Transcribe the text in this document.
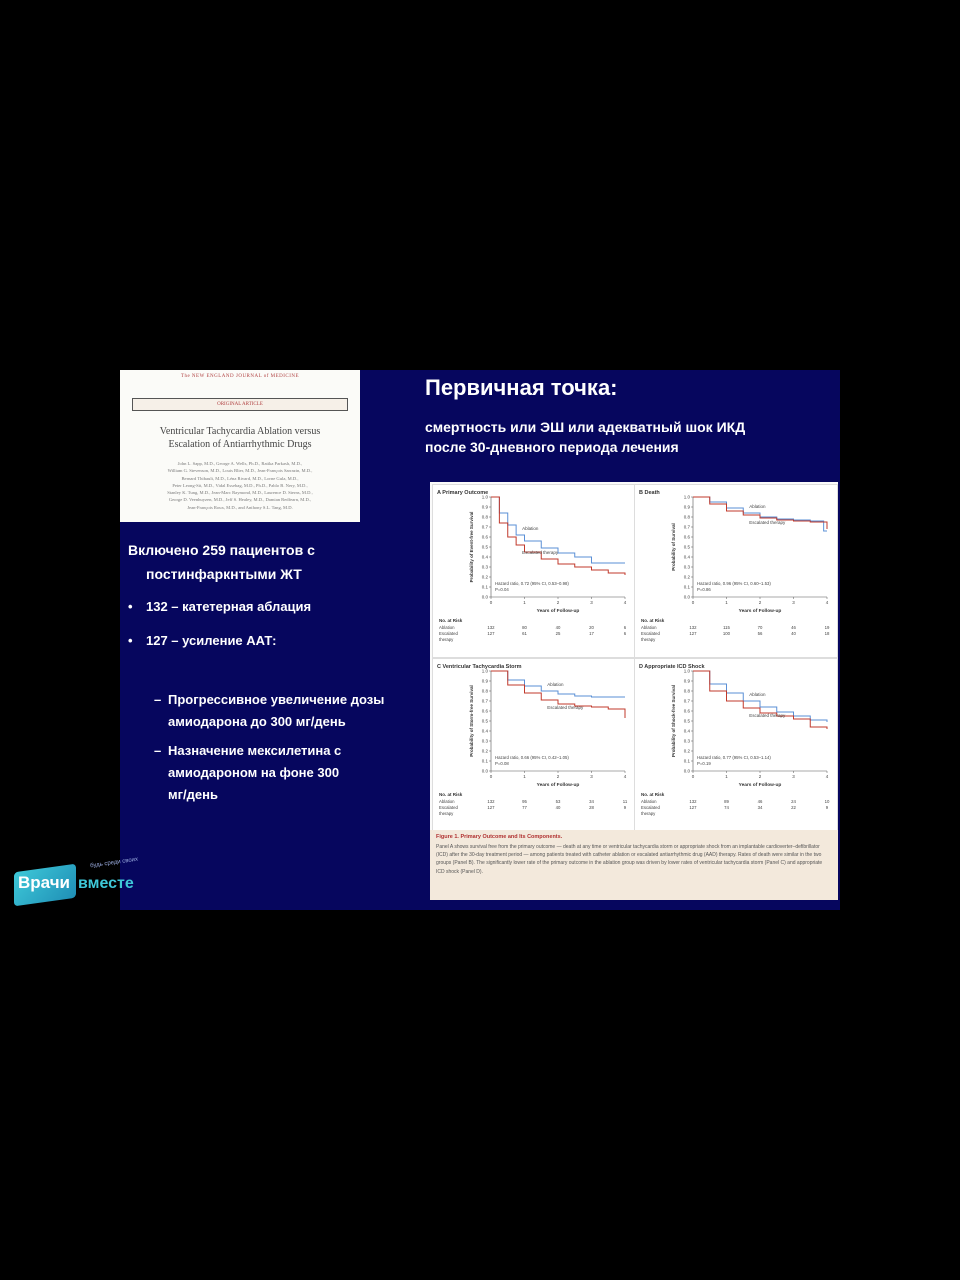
The NEW ENGLAND JOURNAL of MEDICINE
ORIGINAL ARTICLE
Ventricular Tachycardia Ablation versus
Escalation of Antiarrhythmic Drugs
John L. Sapp, M.D., George A. Wells, Ph.D., Ratika Parkash, M.D.,
William G. Stevenson, M.D., Louis Blier, M.D., Jean-François Sarrazin, M.D.,
Bernard Thibault, M.D., Léna Rivard, M.D., Lorne Gula, M.D.,
Peter Leong-Sit, M.D., Vidal Essebag, M.D., Ph.D., Pablo B. Nery, M.D.,
Stanley K. Tung, M.D., Jean-Marc Raymond, M.D., Laurence D. Sterns, M.D.,
George D. Veenhuyzen, M.D., Jeff S. Healey, M.D., Damian Redfearn, M.D.,
Jean-François Roux, M.D., and Anthony S.L. Tang, M.D.
Первичная точка:
смертность или ЭШ или адекватный шок ИКД
после 30-дневного периода лечения
Включено 259 пациентов с
постинфаркнтыми ЖТ
• 132 – катетерная аблация
• 127 – усиление ААТ:
– Прогрессивное увеличение дозы
амиодарона до 300 мг/день
– Назначение мексилетина с
амиодароном на фоне 300
мг/день
A Primary Outcome
0.0
0.1
0.2
0.3
0.4
0.5
0.6
0.7
0.8
0.9
1.0
0	1	2	3	4
Years of Follow-up
Probability of Event-free Survival	Ablation
Escalated therapy
Hazard ratio, 0.72 (95% CI, 0.53–0.98)
P=0.04
No. at Risk
Ablation
Escalated
therapy
132	80	40	20	6
127	61	25	17	6
B Death
0.0
0.1
0.2
0.3
0.4
0.5
0.6
0.7
0.8
0.9
1.0
0	1	2	3	4
Years of Follow-up
Probability of Survival
Ablation
Escalated therapy
Hazard ratio, 0.96 (95% CI, 0.60–1.53)
P=0.86
No. at Risk
Ablation
Escalated
therapy
132	115	70	46	19
127	100	56	40	18
C Ventricular Tachycardia Storm
0.0
0.1
0.2
0.3
0.4
0.5
0.6
0.7
0.8
0.9
1.0
0	1	2	3	4
Years of Follow-up
Probability of Storm-free Survival
Ablation
Escalated therapy
Hazard ratio, 0.66 (95% CI, 0.42–1.05)
P=0.08
No. at Risk
Ablation
Escalated
therapy
132	95	53	34	11
127	77	40	28	9
D Appropriate ICD Shock
0.0
0.1
0.2
0.3
0.4
0.5
0.6
0.7
0.8
0.9
1.0
0	1	2	3	4
Years of Follow-up
Probability of Shock-free Survival	Ablation
Escalated therapy
Hazard ratio, 0.77 (95% CI, 0.53–1.14)
P=0.19
No. at Risk
Ablation
Escalated
therapy
132	89	46	24	10
127	74	34	22	9
Figure 1. Primary Outcome and Its Components.
Panel A shows survival free from the primary outcome — death at any time or ventricular tachycardia storm or appropriate shock from an implantable cardioverter–defibrillator (ICD) after the 30-day treatment period — among patients treated with catheter ablation or escalated antiarrhythmic drug (AAD) therapy. Rates of death were similar in the two groups (Panel B). The significantly lower rate of the primary outcome in the ablation group was driven by lower rates of ventricular tachycardia storm (Panel C) and appropriate ICD shock (Panel D).
Врачи вместе
будь среди своих
